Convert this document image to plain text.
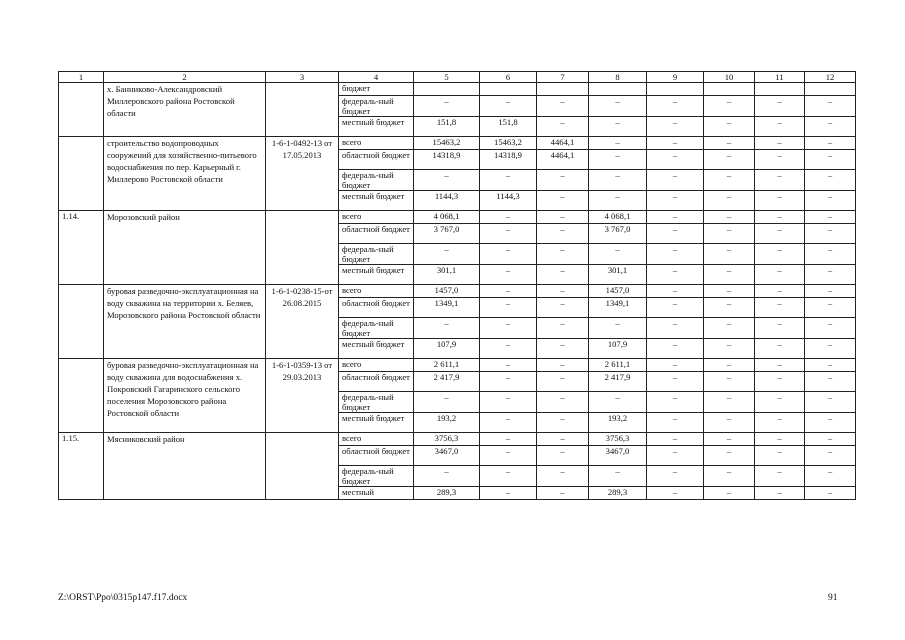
1	2	3	4	5	6	7	8	9	10	11	12
	х. Банниково-Александровский Миллеровского района Ростовской области		бюджет								
			федераль-ный бюджет	–	–	–	–	–	–	–	–
			местный бюджет	151,8	151,8	–	–	–	–	–	–
	строительство водопроводных сооружений для хозяйственно-питьевого водоснабжения по пер. Карьерный г. Миллерово Ростовской области	1-6-1-0492-13 от 17.05.2013	всего	15463,2	15463,2	4464,1	–	–	–	–	–
			областной бюджет	14318,9	14318,9	4464,1	–	–	–	–	–
			федераль-ный бюджет	–	–	–	–	–	–	–	–
			местный бюджет	1144,3	1144,3	–	–	–	–	–	–
1.14.	Морозовский район		всего	4 068,1	–	–	4 068,1	–	–	–	–
			областной бюджет	3 767,0	–	–	3 767,0	–	–	–	–
			федераль-ный бюджет	–	–	–	–	–	–	–	–
			местный бюджет	301,1	–	–	301,1	–	–	–	–
	буровая разведочно-эксплуатационная на воду скважина на территории х. Беляев, Морозовского района Ростовской области	1-6-1-0238-15-от 26.08.2015	всего	1457,0	–	–	1457,0	–	–	–	–
			областной бюджет	1349,1	–	–	1349,1	–	–	–	–
			федераль-ный бюджет	–	–	–	–	–	–	–	–
			местный бюджет	107,9	–	–	107,9	–	–	–	–
	буровая разведочно-эксплуатационная на воду скважина для водоснабжения х. Покровский Гагаринского сельского поселения Морозовского района Ростовской области	1-6-1-0359-13 от 29.03.2013	всего	2 611,1	–	–	2 611,1	–	–	–	–
			областной бюджет	2 417,9	–	–	2 417,9	–	–	–	–
			федераль-ный бюджет	–	–	–	–	–	–	–	–
			местный бюджет	193,2	–	–	193,2	–	–	–	–
1.15.	Мясниковский район		всего	3756,3	–	–	3756,3	–	–	–	–
			областной бюджет	3467,0	–	–	3467,0	–	–	–	–
			федераль-ный бюджет	–	–	–	–	–	–	–	–
			местный	289,3	–	–	289,3	–	–	–	–
Z:\ORST\Ppo\0315p147.f17.docx	91
